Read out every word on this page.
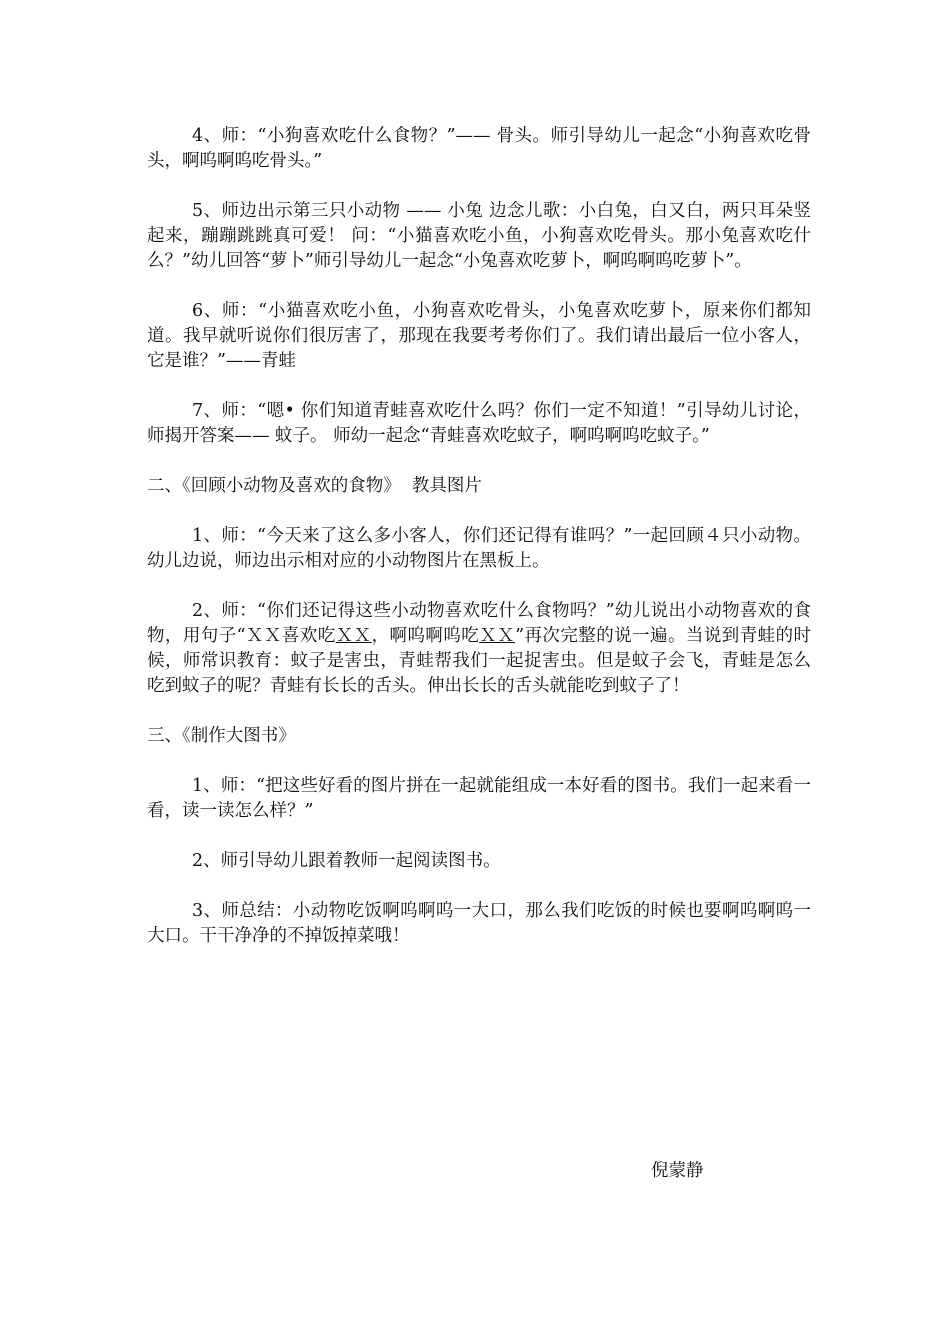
4、师：“小狗喜欢吃什么食物？”—— 骨头。师引导幼儿一起念“小狗喜欢吃骨头，啊呜啊呜吃骨头。”

5、师边出示第三只小动物 —— 小兔 边念儿歌：小白兔，白又白，两只耳朵竖起来，蹦蹦跳跳真可爱！ 问：“小猫喜欢吃小鱼，小狗喜欢吃骨头。那小兔喜欢吃什么？”幼儿回答“萝卜”师引导幼儿一起念“小兔喜欢吃萝卜，啊呜啊呜吃萝卜”。

6、师：“小猫喜欢吃小鱼，小狗喜欢吃骨头，小兔喜欢吃萝卜，原来你们都知道。我早就听说你们很厉害了，那现在我要考考你们了。我们请出最后一位小客人，它是谁？”——青蛙

7、师：“嗯• 你们知道青蛙喜欢吃什么吗？你们一定不知道！”引导幼儿讨论，师揭开答案—— 蚊子。 师幼一起念“青蛙喜欢吃蚊子，啊呜啊呜吃蚊子。”

二、《回顾小动物及喜欢的食物》  教具图片

1、师：“今天来了这么多小客人，你们还记得有谁吗？”一起回顾４只小动物。幼儿边说，师边出示相对应的小动物图片在黑板上。

2、师：“你们还记得这些小动物喜欢吃什么食物吗？”幼儿说出小动物喜欢的食物，用句子“ＸＸ喜欢吃ＸＸ，啊呜啊呜吃ＸＸ”再次完整的说一遍。当说到青蛙的时候，师常识教育：蚊子是害虫，青蛙帮我们一起捉害虫。但是蚊子会飞，青蛙是怎么吃到蚊子的呢？青蛙有长长的舌头。伸出长长的舌头就能吃到蚊子了！

三、《制作大图书》

1、师：“把这些好看的图片拼在一起就能组成一本好看的图书。我们一起来看一看，读一读怎么样？”

2、师引导幼儿跟着教师一起阅读图书。

3、师总结：小动物吃饭啊呜啊呜一大口，那么我们吃饭的时候也要啊呜啊呜一大口。干干净净的不掉饭掉菜哦！

倪蒙静
